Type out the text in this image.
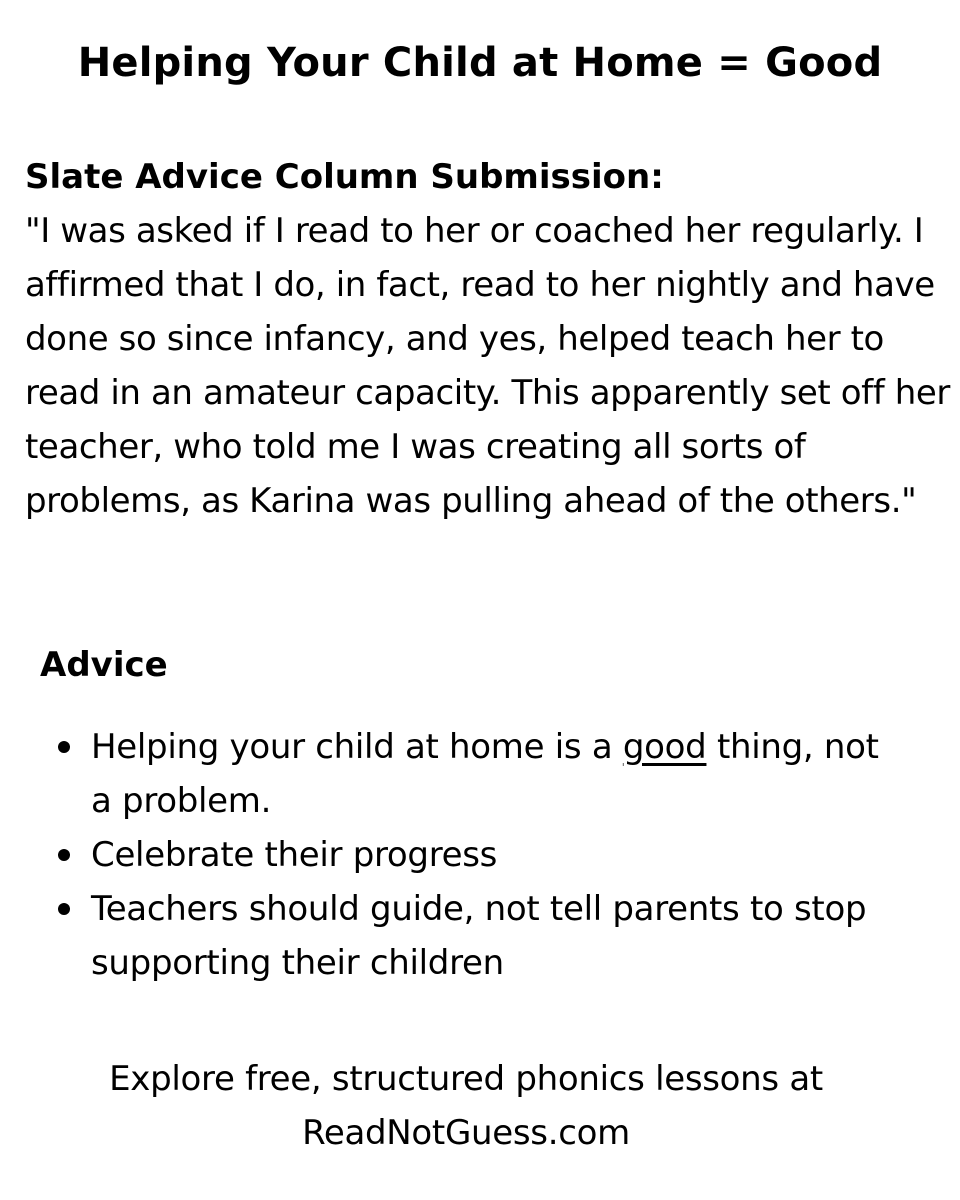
Helping Your Child at Home = Good

Slate Advice Column Submission:

"I was asked if I read to her or coached her regularly. I affirmed that I do, in fact, read to her nightly and have done so since infancy, and yes, helped teach her to read in an amateur capacity. This apparently set off her teacher, who told me I was creating all sorts of problems, as Karina was pulling ahead of the others."

Advice

Helping your child at home is a good thing, not a problem.
Celebrate their progress
Teachers should guide, not tell parents to stop supporting their children

Explore free, structured phonics lessons at
ReadNotGuess.com
